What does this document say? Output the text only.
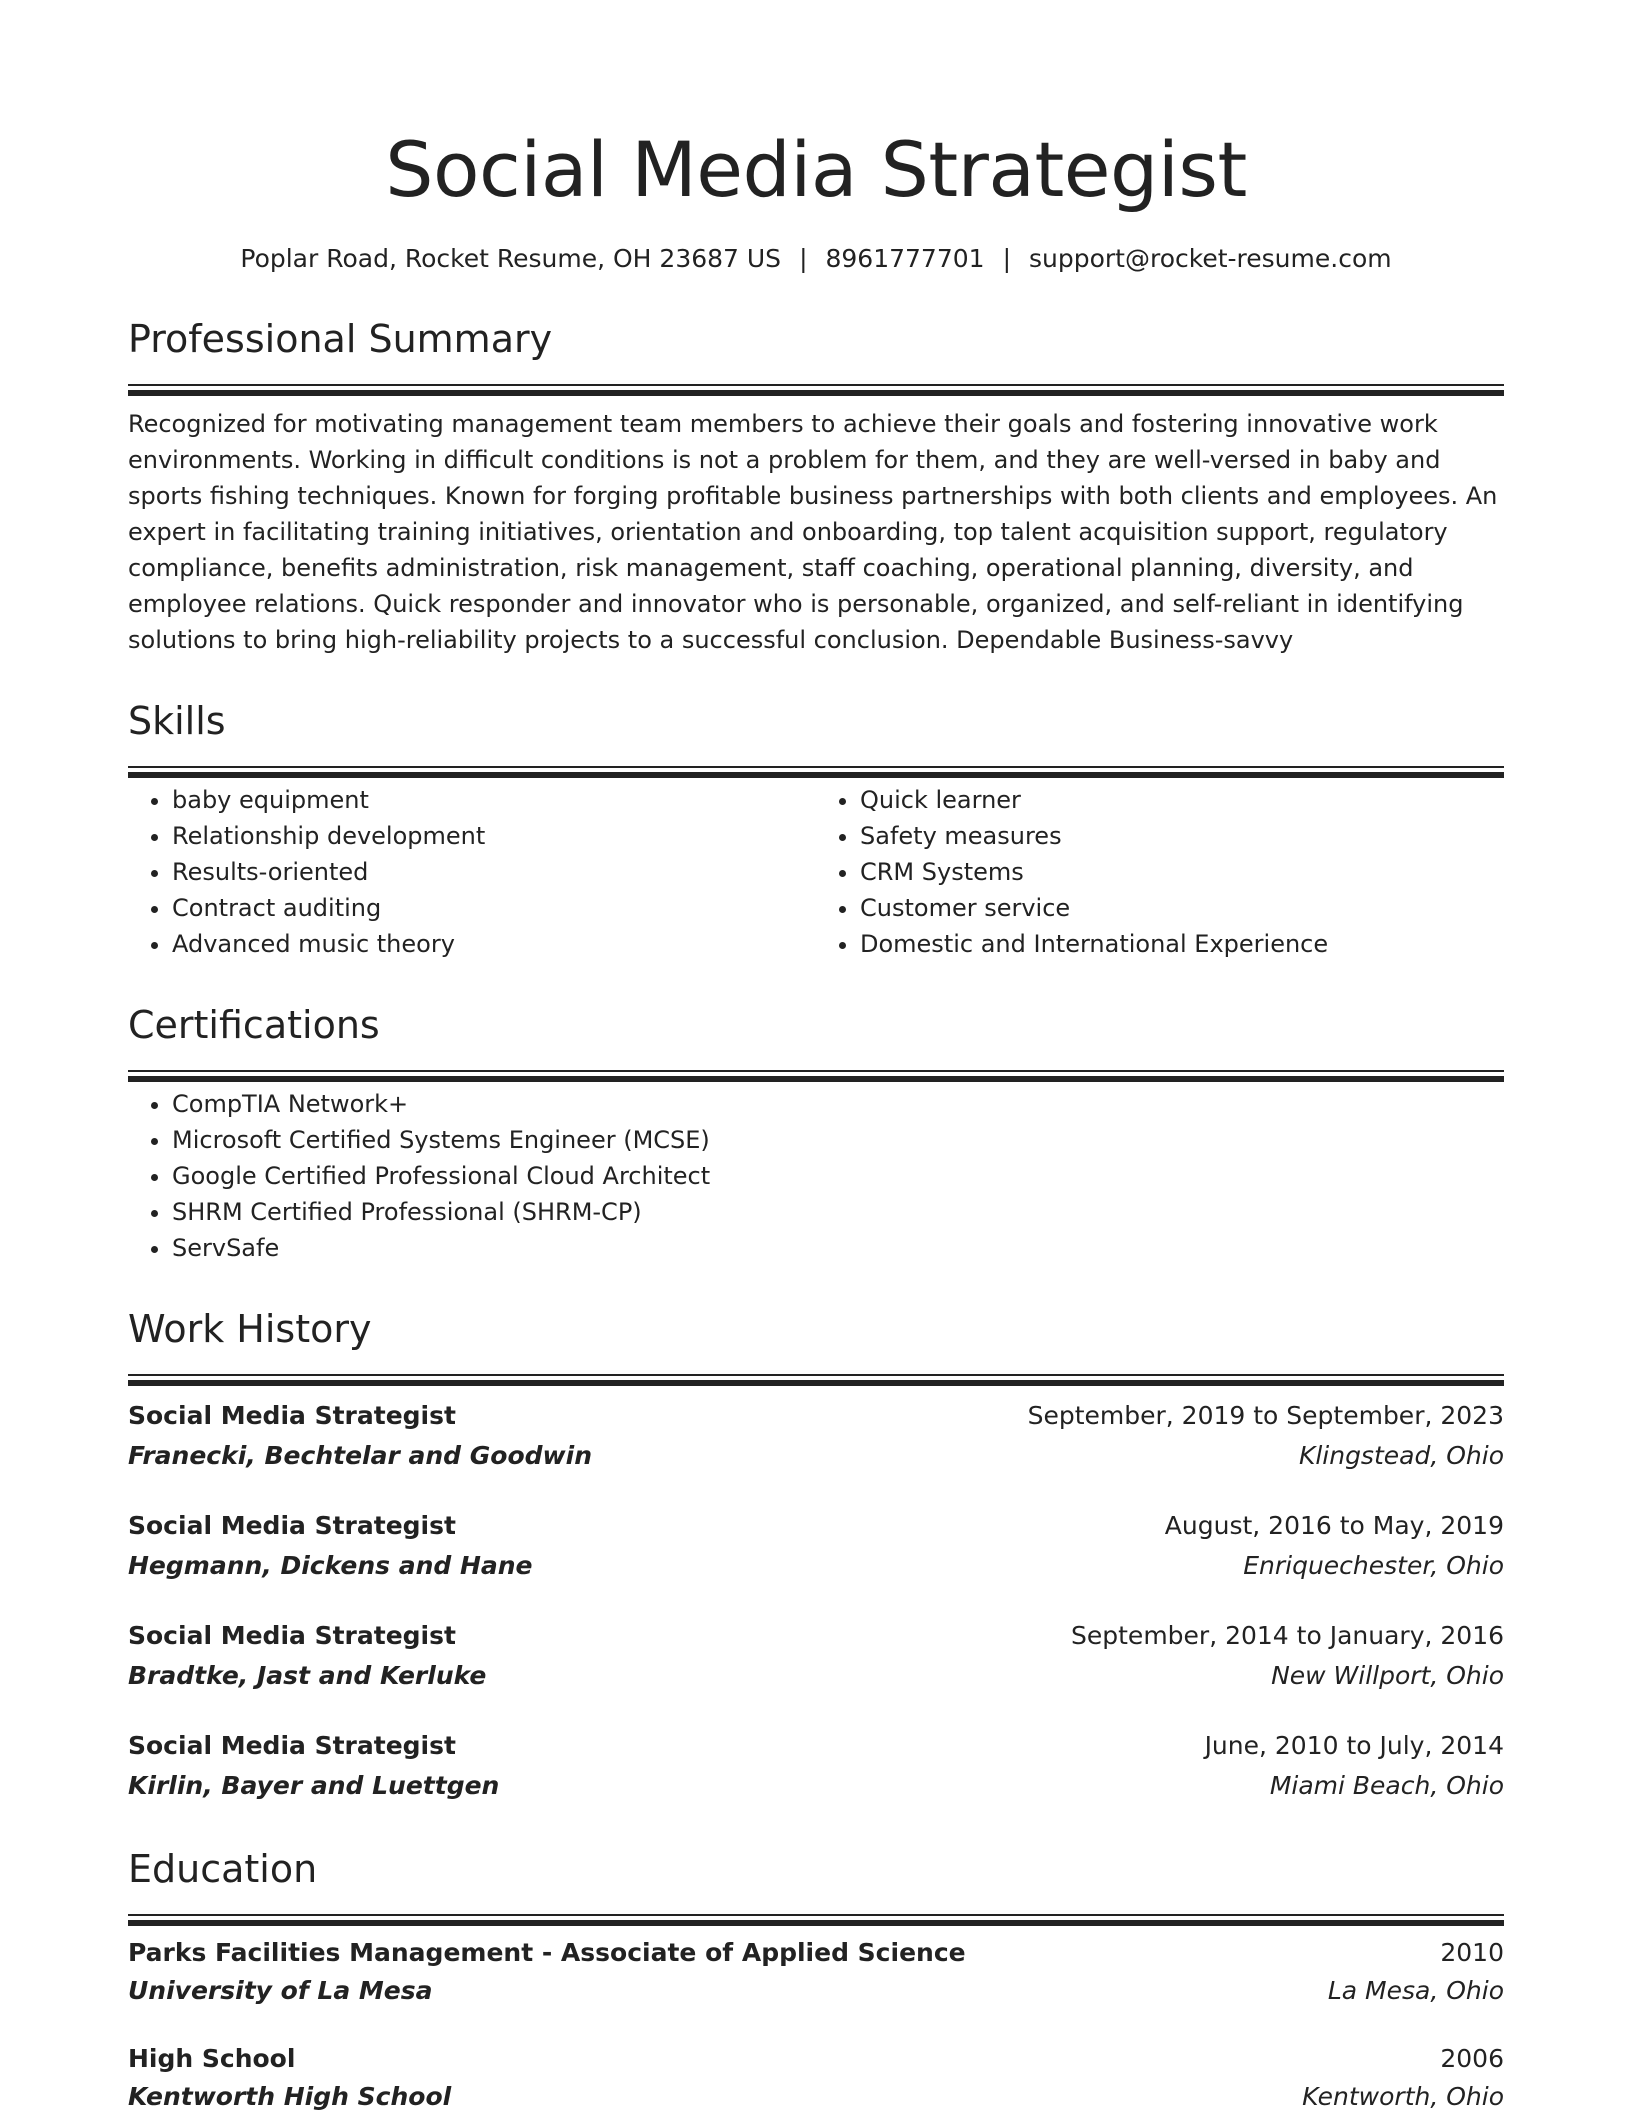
Social Media Strategist
Poplar Road, Rocket Resume, OH 23687 US | 8961777701 | support@rocket-resume.com
Professional Summary
Recognized for motivating management team members to achieve their goals and fostering innovative work environments. Working in difficult conditions is not a problem for them, and they are well-versed in baby and sports fishing techniques. Known for forging profitable business partnerships with both clients and employees. An expert in facilitating training initiatives, orientation and onboarding, top talent acquisition support, regulatory compliance, benefits administration, risk management, staff coaching, operational planning, diversity, and employee relations. Quick responder and innovator who is personable, organized, and self-reliant in identifying solutions to bring high-reliability projects to a successful conclusion. Dependable Business-savvy
Skills
• baby equipment
• Relationship development
• Results-oriented
• Contract auditing
• Advanced music theory
• Quick learner
• Safety measures
• CRM Systems
• Customer service
• Domestic and International Experience
Certifications
• CompTIA Network+
• Microsoft Certified Systems Engineer (MCSE)
• Google Certified Professional Cloud Architect
• SHRM Certified Professional (SHRM-CP)
• ServSafe
Work History
Social Media Strategist	September, 2019 to September, 2023
Franecki, Bechtelar and Goodwin	Klingstead, Ohio
Social Media Strategist	August, 2016 to May, 2019
Hegmann, Dickens and Hane	Enriquechester, Ohio
Social Media Strategist	September, 2014 to January, 2016
Bradtke, Jast and Kerluke	New Willport, Ohio
Social Media Strategist	June, 2010 to July, 2014
Kirlin, Bayer and Luettgen	Miami Beach, Ohio
Education
Parks Facilities Management - Associate of Applied Science	2010
University of La Mesa	La Mesa, Ohio
High School	2006
Kentworth High School	Kentworth, Ohio
